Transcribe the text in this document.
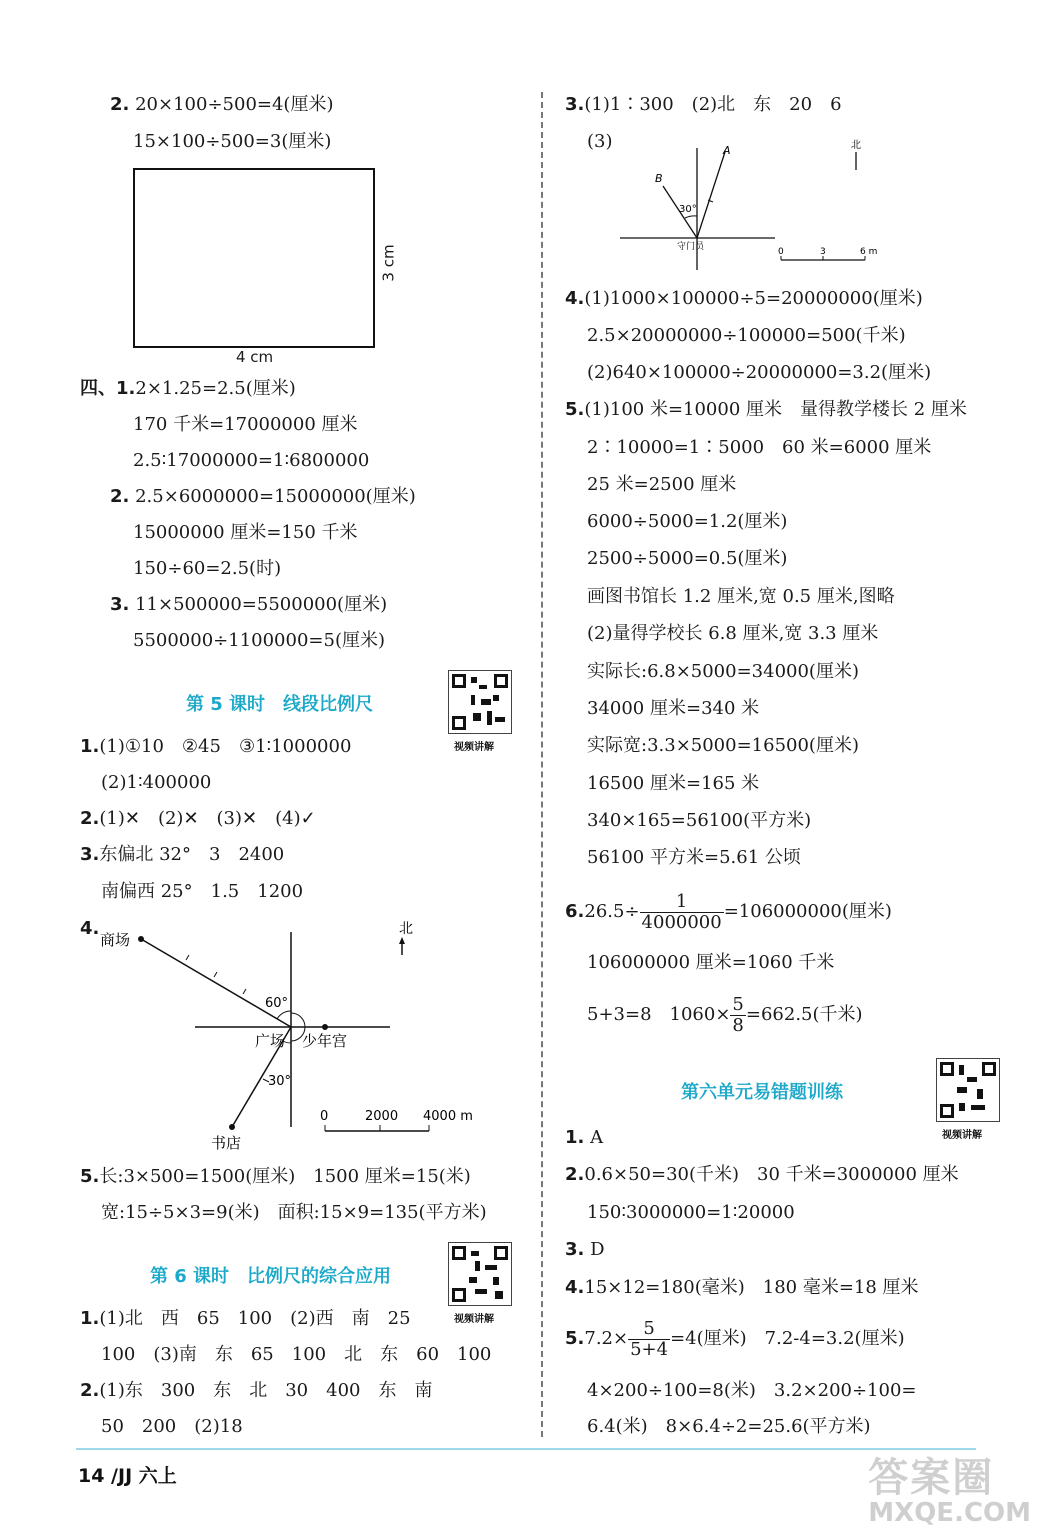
2. 20×100÷500=4(厘米)
15×100÷500=3(厘米)
4 cm
3 cm
四、1.2×1.25=2.5(厘米)
170 千米=17000000 厘米
2.5∶17000000=1∶6800000
2. 2.5×6000000=15000000(厘米)
15000000 厘米=150 千米
150÷60=2.5(时)
3. 11×500000=5500000(厘米)
5500000÷1100000=5(厘米)
第 5 课时　线段比例尺
视频讲解
1.(1)①10　②45　③1∶1000000
(2)1∶400000
2.(1)✕　(2)✕　(3)✕　(4)✓
3.东偏北 32°　3　2400
南偏西 25°　1.5　1200
4.	北
商场
60°
广场 少年宫
30°
书店
0	2000 4000 m
5.长:3×500=1500(厘米)　1500 厘米=15(米)
宽:15÷5×3=9(米)　面积:15×9=135(平方米)
第 6 课时　比例尺的综合应用
视频讲解
1.(1)北　西　65　100　(2)西　南　25
100　(3)南　东　65　100　北　东　60　100
2.(1)东　300　东　北　30　400　东　南
50　200　(2)18
3.(1)1∶300　(2)北　东　20　6
(3)	A
B
30°
守门员
北
0	3	6 m
4.(1)1000×100000÷5=20000000(厘米)
2.5×20000000÷100000=500(千米)
(2)640×100000÷20000000=3.2(厘米)
5.(1)100 米=10000 厘米　量得教学楼长 2 厘米
2∶10000=1∶5000　60 米=6000 厘米
25 米=2500 厘米
6000÷5000=1.2(厘米)
2500÷5000=0.5(厘米)
画图书馆长 1.2 厘米,宽 0.5 厘米,图略
(2)量得学校长 6.8 厘米,宽 3.3 厘米
实际长:6.8×5000=34000(厘米)
34000 厘米=340 米
实际宽:3.3×5000=16500(厘米)
16500 厘米=165 米
340×165=56100(平方米)
56100 平方米=5.61 公顷
$6.26.5\div \frac{1}{4000000} =106000000$(厘米)
106000000 厘米=1060 千米
5+3=8　$1060\times \frac{5}{8} =662.5$(千米)
第六单元易错题训练
视频讲解
1. A
2.0.6×50=30(千米)　30 千米=3000000 厘米
150∶3000000=1∶20000
3. D
4.15×12=180(毫米)　180 毫米=18 厘米
$5.7.2\times \frac{5}{5+4} =4$(厘米)　7.2-4=3.2(厘米)
4×200÷100=8(米)　3.2×200÷100=
6.4(米)　8×6.4÷2=25.6(平方米)
14 /JJ 六上	答案圈
MXQE.COM
